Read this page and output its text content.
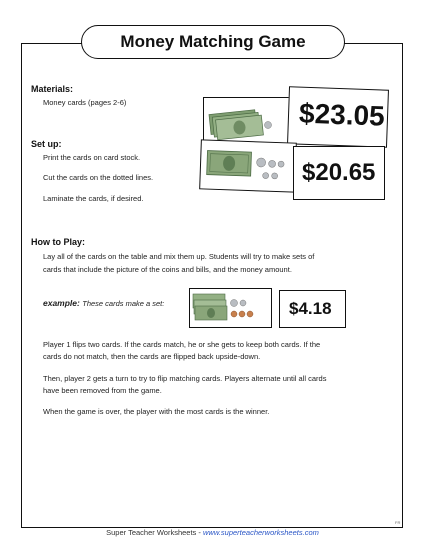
Money Matching Game
Materials:
Money cards (pages 2-6)
Set up:
Print the cards on card stock.
Cut the cards on the dotted lines.
Laminate the cards, if desired.
$23.05
$20.65
How to Play:
Lay all of the cards on the table and mix them up. Students will try to make sets of
cards that include the picture of the coins and bills, and the money amount.
example: These cards make a set:	$4.18
Player 1 flips two cards. If the cards match, he or she gets to keep both cards. If the
cards do not match, then the cards are flipped back upside-down.
Then, player 2 gets a turn to try to flip matching cards. Players alternate until all cards
have been removed from the game.
When the game is over, the player with the most cards is the winner.
FR
Super Teacher Worksheets - www.superteacherworksheets.com
